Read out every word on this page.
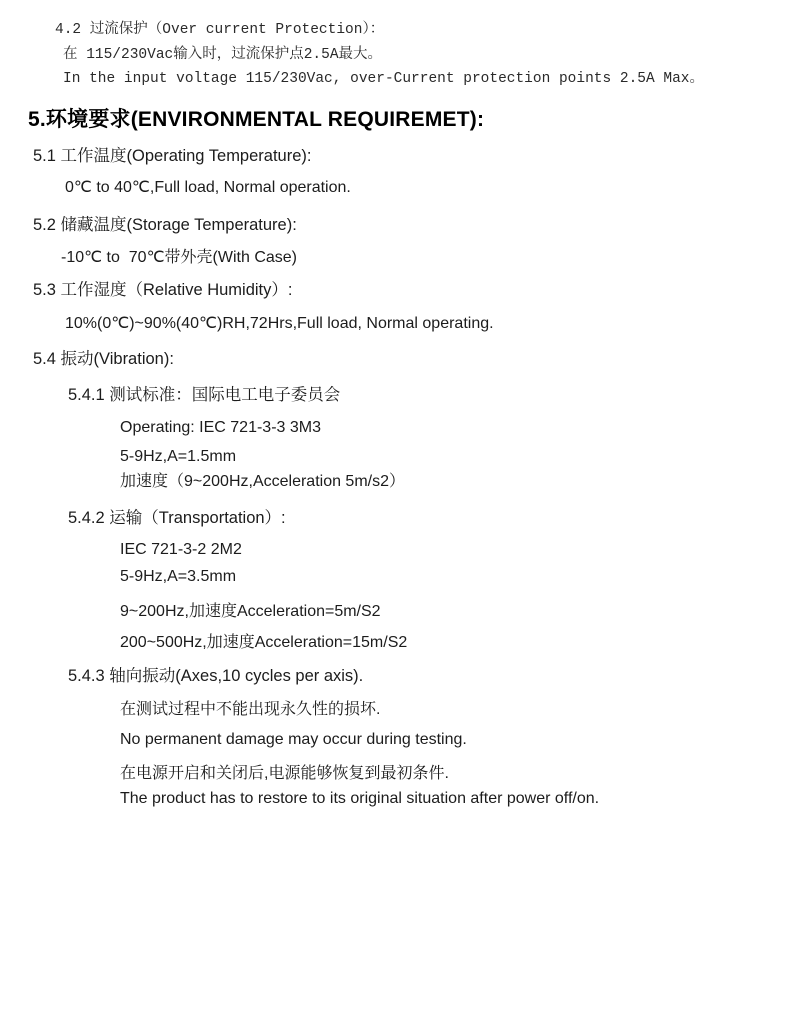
4.2 过流保护（Over current Protection）：
在 115/230Vac输入时，过流保护点2.5A最大。
In the input voltage 115/230Vac, over-Current protection points 2.5A Max。
5.环境要求(ENVIRONMENTAL REQUIREMET):
5.1 工作温度(Operating Temperature):
0℃ to 40℃,Full load, Normal operation.
5.2 储藏温度(Storage Temperature):
-10℃ to  70℃带外壳(With Case)
5.3 工作湿度（Relative Humidity）:
10%(0℃)~90%(40℃)RH,72Hrs,Full load, Normal operating.
5.4 振动(Vibration):
5.4.1 测试标准：国际电工电子委员会
Operating: IEC 721-3-3 3M3
5-9Hz,A=1.5mm
加速度（9~200Hz,Acceleration 5m/s2）
5.4.2 运输（Transportation）:
IEC 721-3-2 2M2
5-9Hz,A=3.5mm
9~200Hz,加速度Acceleration=5m/S2
200~500Hz,加速度Acceleration=15m/S2
5.4.3 轴向振动(Axes,10 cycles per axis).
在测试过程中不能出现永久性的损坏.
No permanent damage may occur during testing.
在电源开启和关闭后,电源能够恢复到最初条件.
The product has to restore to its original situation after power off/on.
